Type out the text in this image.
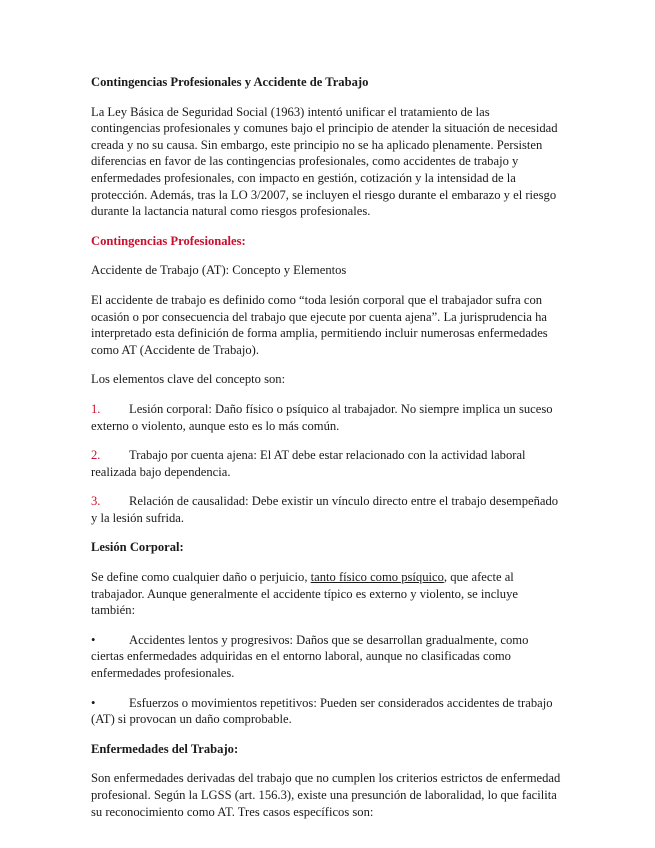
Contingencias Profesionales y Accidente de Trabajo

La Ley Básica de Seguridad Social (1963) intentó unificar el tratamiento de las contingencias profesionales y comunes bajo el principio de atender la situación de necesidad creada y no su causa. Sin embargo, este principio no se ha aplicado plenamente. Persisten diferencias en favor de las contingencias profesionales, como accidentes de trabajo y enfermedades profesionales, con impacto en gestión, cotización y la intensidad de la protección. Además, tras la LO 3/2007, se incluyen el riesgo durante el embarazo y el riesgo durante la lactancia natural como riesgos profesionales.

Contingencias Profesionales:

Accidente de Trabajo (AT): Concepto y Elementos

El accidente de trabajo es definido como “toda lesión corporal que el trabajador sufra con ocasión o por consecuencia del trabajo que ejecute por cuenta ajena”. La jurisprudencia ha interpretado esta definición de forma amplia, permitiendo incluir numerosas enfermedades como AT (Accidente de Trabajo).

Los elementos clave del concepto son:

1. Lesión corporal: Daño físico o psíquico al trabajador. No siempre implica un suceso externo o violento, aunque esto es lo más común.
2. Trabajo por cuenta ajena: El AT debe estar relacionado con la actividad laboral realizada bajo dependencia.
3. Relación de causalidad: Debe existir un vínculo directo entre el trabajo desempeñado y la lesión sufrida.

Lesión Corporal:

Se define como cualquier daño o perjuicio, tanto físico como psíquico, que afecte al trabajador. Aunque generalmente el accidente típico es externo y violento, se incluye también:

•	Accidentes lentos y progresivos: Daños que se desarrollan gradualmente, como ciertas enfermedades adquiridas en el entorno laboral, aunque no clasificadas como enfermedades profesionales.
•	Esfuerzos o movimientos repetitivos: Pueden ser considerados accidentes de trabajo (AT) si provocan un daño comprobable.

Enfermedades del Trabajo:

Son enfermedades derivadas del trabajo que no cumplen los criterios estrictos de enfermedad profesional. Según la LGSS (art. 156.3), existe una presunción de laboralidad, lo que facilita su reconocimiento como AT. Tres casos específicos son:
